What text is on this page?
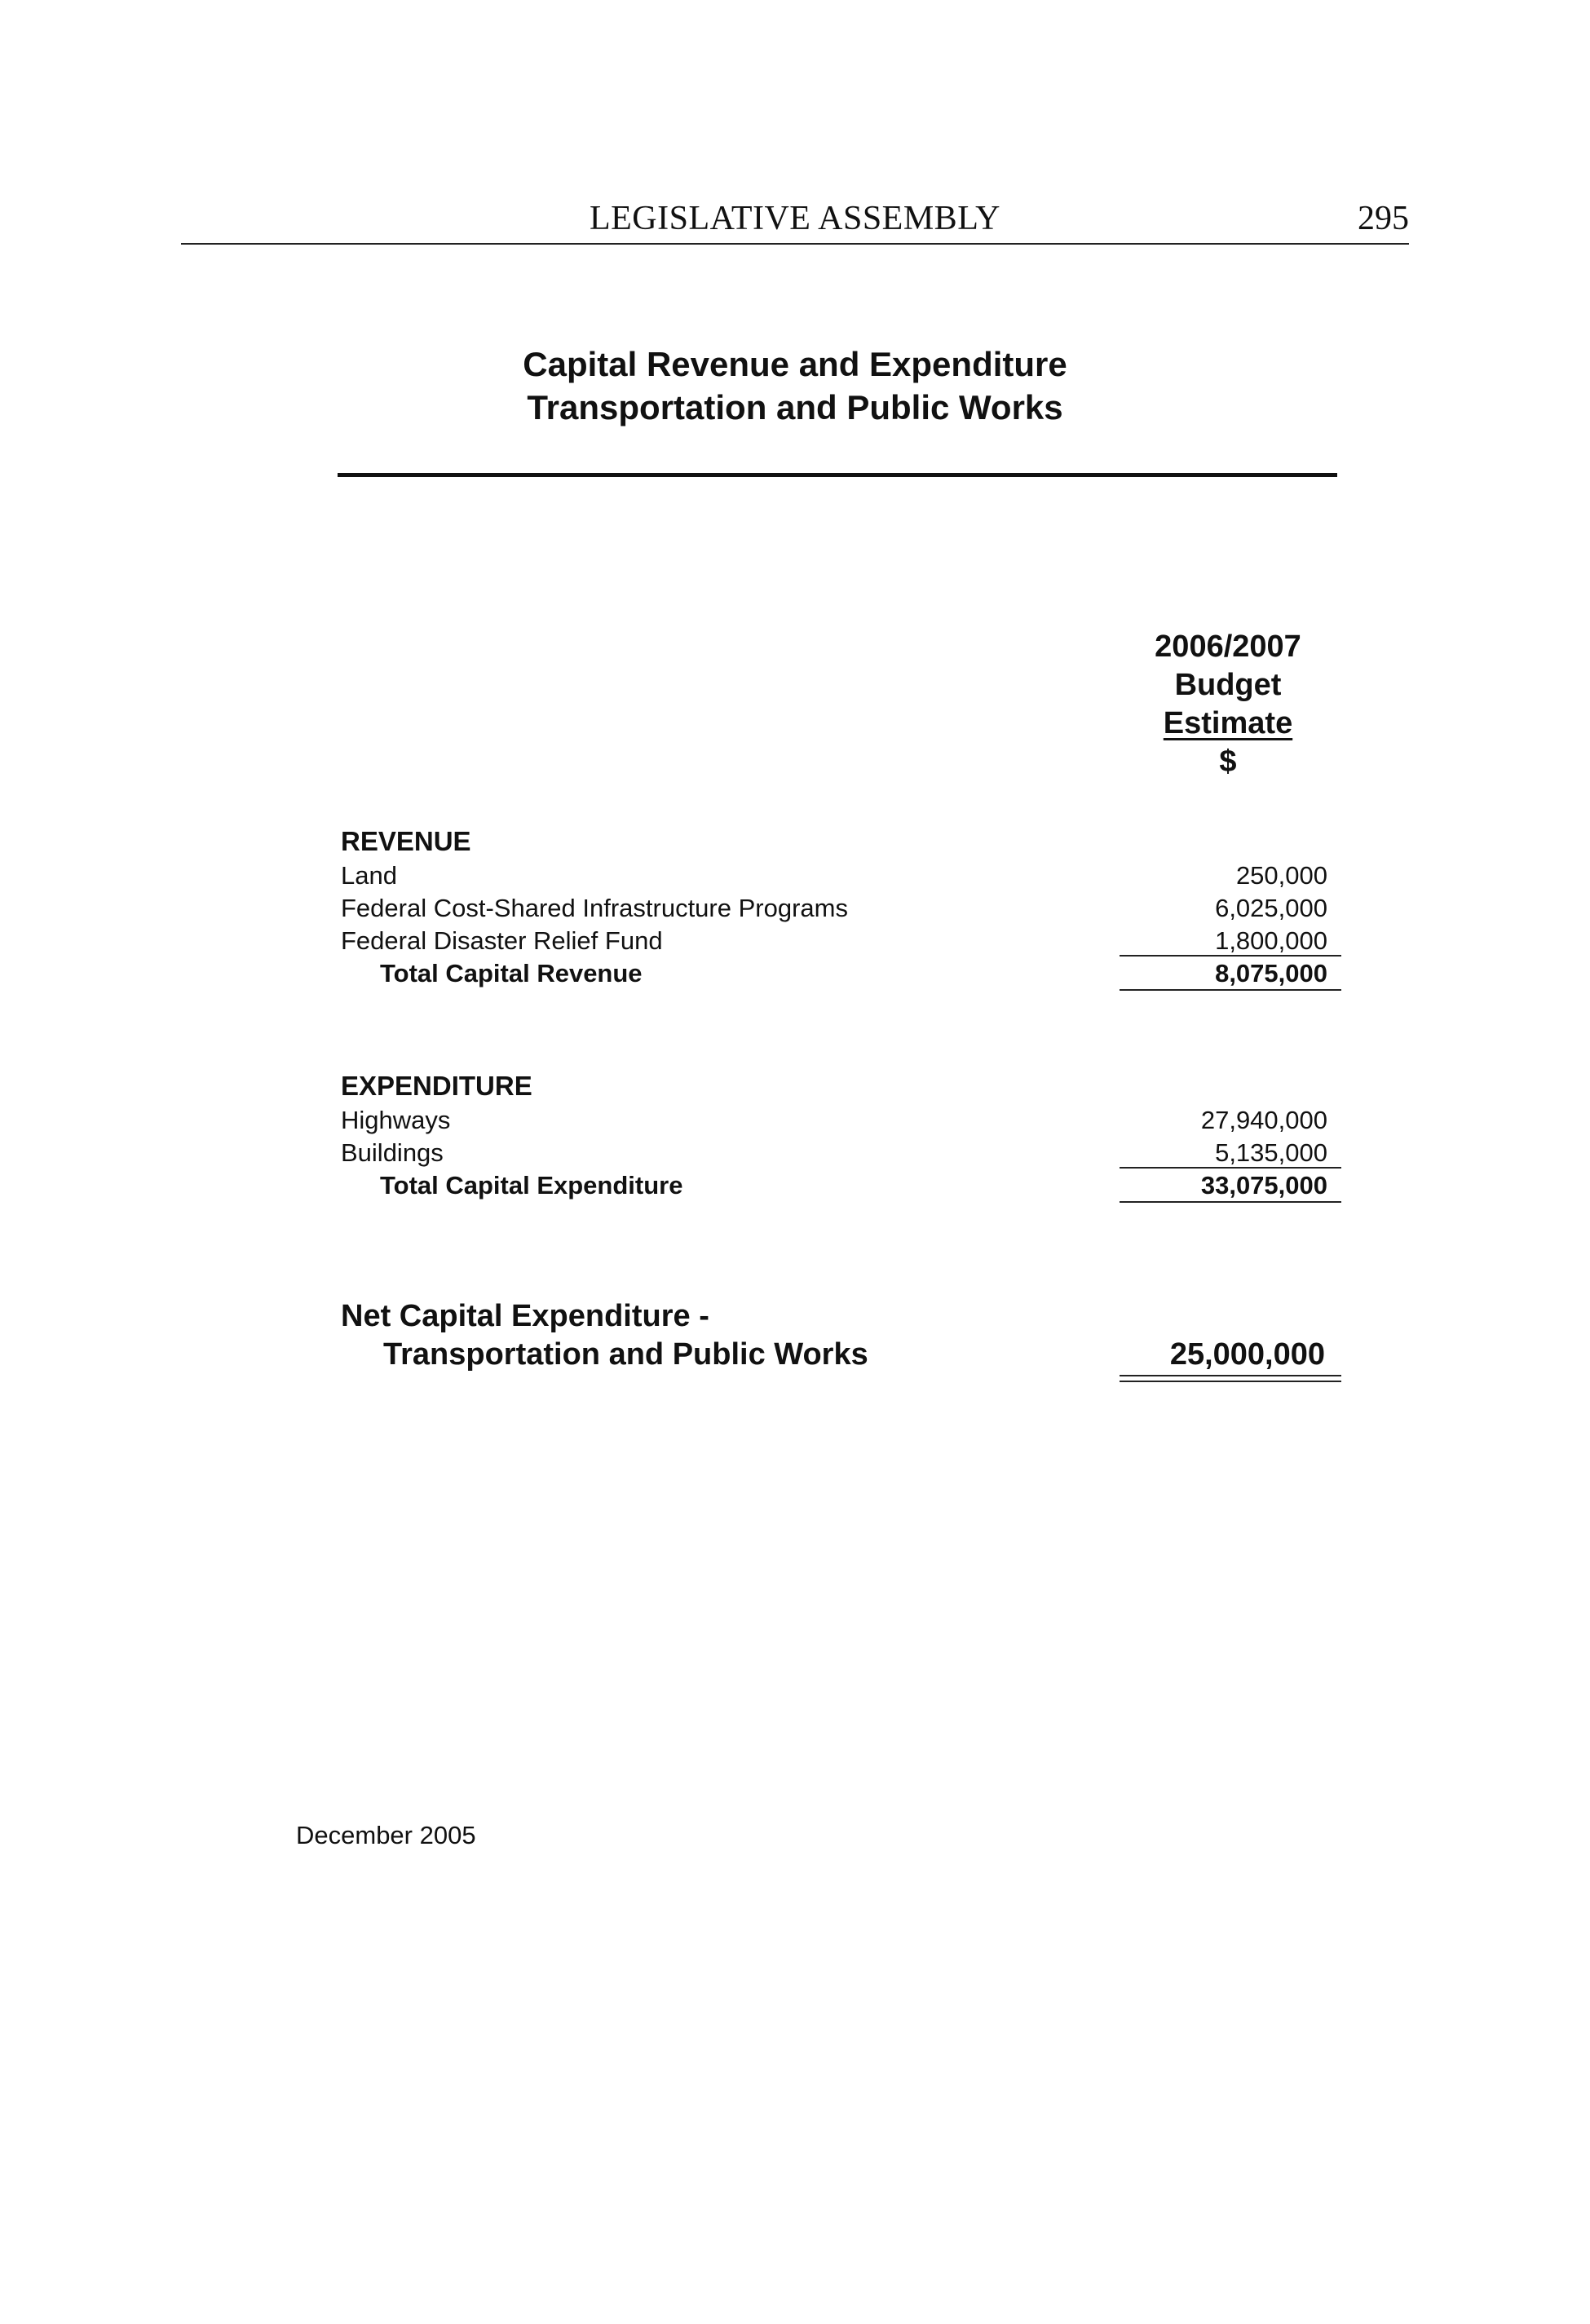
LEGISLATIVE ASSEMBLY	295
Capital Revenue and Expenditure
Transportation and Public Works
2006/2007
Budget
Estimate
$
REVENUE
Land	250,000
Federal Cost-Shared Infrastructure Programs	6,025,000
Federal Disaster Relief Fund	1,800,000
Total Capital Revenue	8,075,000
EXPENDITURE
Highways	27,940,000
Buildings	5,135,000
Total Capital Expenditure	33,075,000
Net Capital Expenditure -
Transportation and Public Works	25,000,000
December 2005
